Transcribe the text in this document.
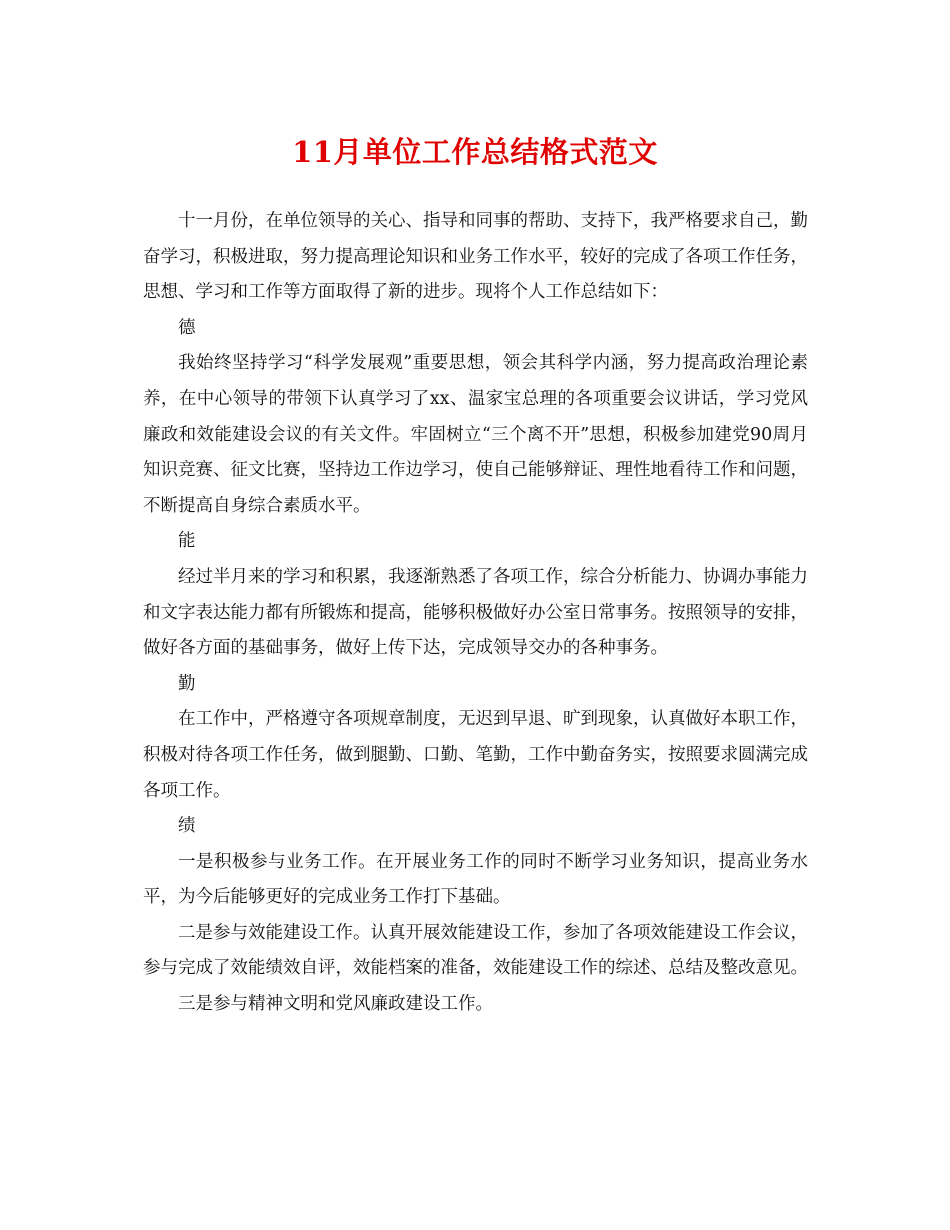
11月单位工作总结格式范文

十一月份，在单位领导的关心、指导和同事的帮助、支持下，我严格要求自己，勤奋学习，积极进取，努力提高理论知识和业务工作水平，较好的完成了各项工作任务，思想、学习和工作等方面取得了新的进步。现将个人工作总结如下：

德

我始终坚持学习“科学发展观”重要思想，领会其科学内涵，努力提高政治理论素养，在中心领导的带领下认真学习了xx、温家宝总理的各项重要会议讲话，学习党风廉政和效能建设会议的有关文件。牢固树立“三个离不开”思想，积极参加建党90周月知识竞赛、征文比赛，坚持边工作边学习，使自己能够辩证、理性地看待工作和问题，不断提高自身综合素质水平。

能

经过半月来的学习和积累，我逐渐熟悉了各项工作，综合分析能力、协调办事能力和文字表达能力都有所锻炼和提高，能够积极做好办公室日常事务。按照领导的安排，做好各方面的基础事务，做好上传下达，完成领导交办的各种事务。

勤

在工作中，严格遵守各项规章制度，无迟到早退、旷到现象，认真做好本职工作，积极对待各项工作任务，做到腿勤、口勤、笔勤，工作中勤奋务实，按照要求圆满完成各项工作。

绩

一是积极参与业务工作。在开展业务工作的同时不断学习业务知识，提高业务水平，为今后能够更好的完成业务工作打下基础。

二是参与效能建设工作。认真开展效能建设工作，参加了各项效能建设工作会议，参与完成了效能绩效自评，效能档案的准备，效能建设工作的综述、总结及整改意见。

三是参与精神文明和党风廉政建设工作。
